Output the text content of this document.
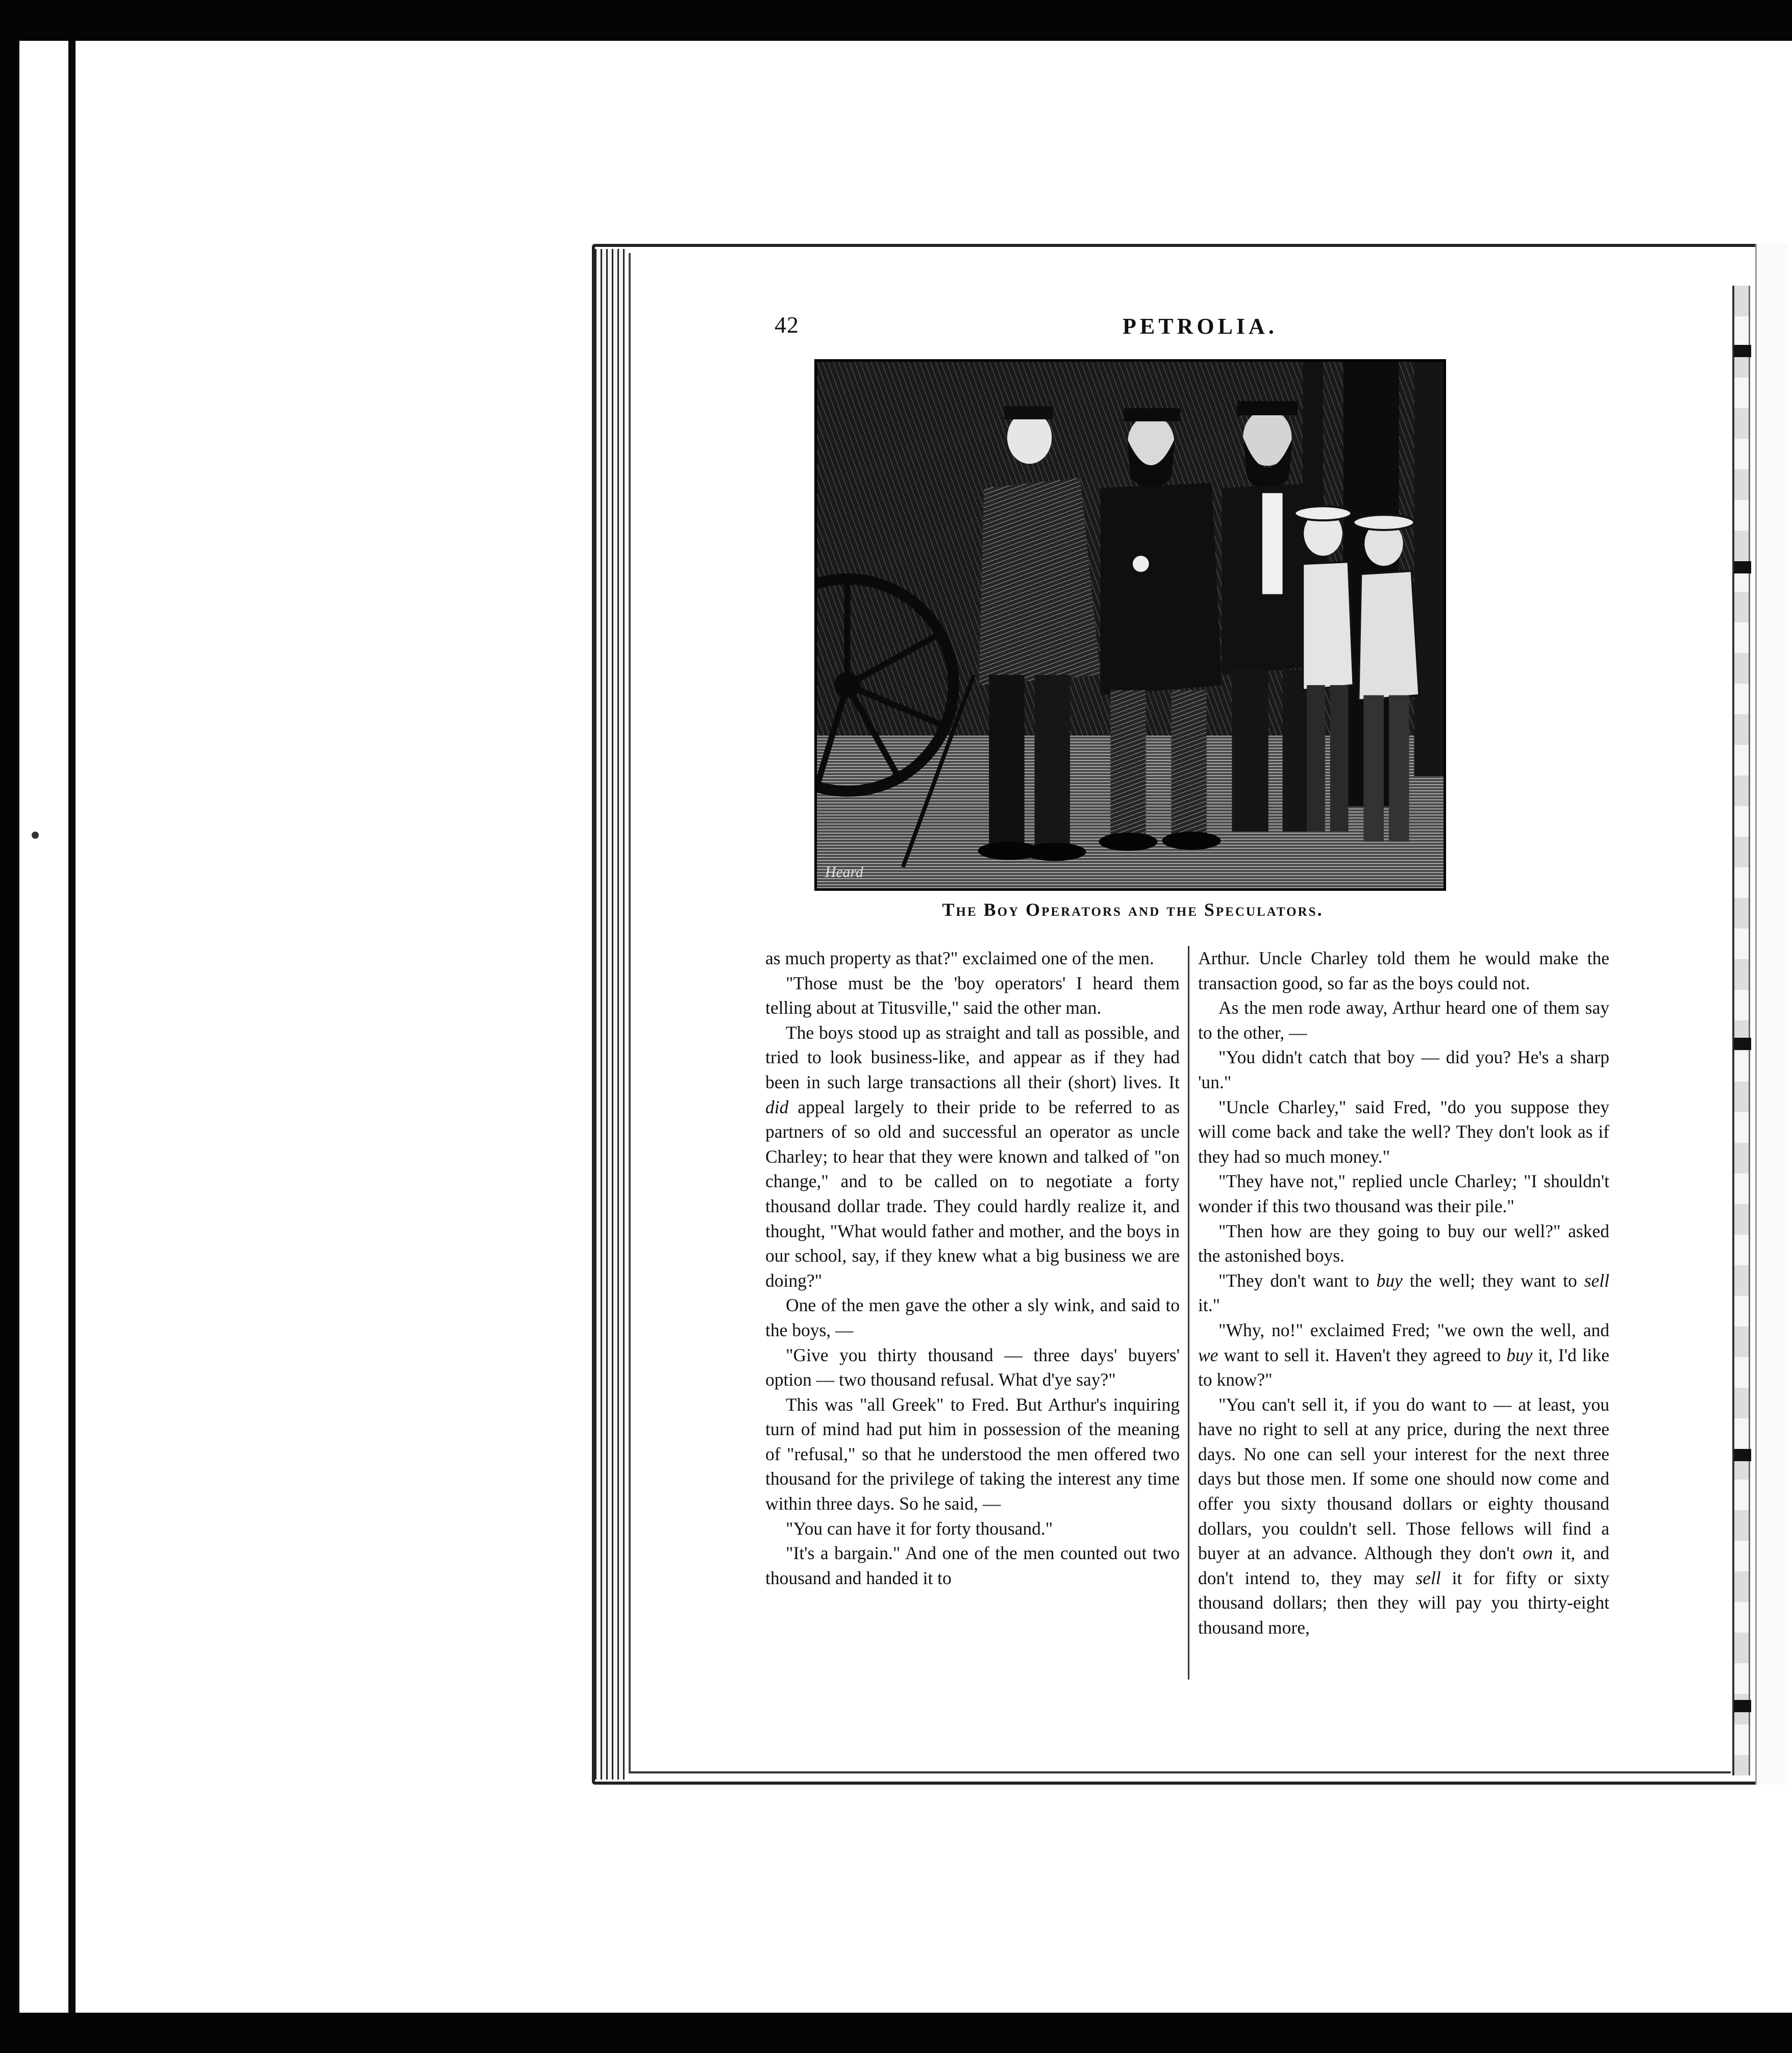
42	PETROLIA.
Heard
The Boy Operators and the Speculators.

as much property as that?" exclaimed one of the men.

"Those must be the 'boy operators' I heard them telling about at Titusville," said the other man.

The boys stood up as straight and tall as possible, and tried to look business-like, and appear as if they had been in such large transactions all their (short) lives. It did appeal largely to their pride to be referred to as partners of so old and successful an operator as uncle Charley; to hear that they were known and talked of "on change," and to be called on to negotiate a forty thousand dollar trade. They could hardly realize it, and thought, "What would father and mother, and the boys in our school, say, if they knew what a big business we are doing?"

One of the men gave the other a sly wink, and said to the boys, —

"Give you thirty thousand — three days' buyers' option — two thousand refusal. What d'ye say?"

This was "all Greek" to Fred. But Arthur's inquiring turn of mind had put him in possession of the meaning of "refusal," so that he understood the men offered two thousand for the privilege of taking the interest any time within three days. So he said, —

"You can have it for forty thousand."

"It's a bargain." And one of the men counted out two thousand and handed it to

Arthur. Uncle Charley told them he would make the transaction good, so far as the boys could not.

As the men rode away, Arthur heard one of them say to the other, —

"You didn't catch that boy — did you? He's a sharp 'un."

"Uncle Charley," said Fred, "do you suppose they will come back and take the well? They don't look as if they had so much money."

"They have not," replied uncle Charley; "I shouldn't wonder if this two thousand was their pile."

"Then how are they going to buy our well?" asked the astonished boys.

"They don't want to buy the well; they want to sell it."

"Why, no!" exclaimed Fred; "we own the well, and we want to sell it. Haven't they agreed to buy it, I'd like to know?"

"You can't sell it, if you do want to — at least, you have no right to sell at any price, during the next three days. No one can sell your interest for the next three days but those men. If some one should now come and offer you sixty thousand dollars or eighty thousand dollars, you couldn't sell. Those fellows will find a buyer at an advance. Although they don't own it, and don't intend to, they may sell it for fifty or sixty thousand dollars; then they will pay you thirty-eight thousand more,
